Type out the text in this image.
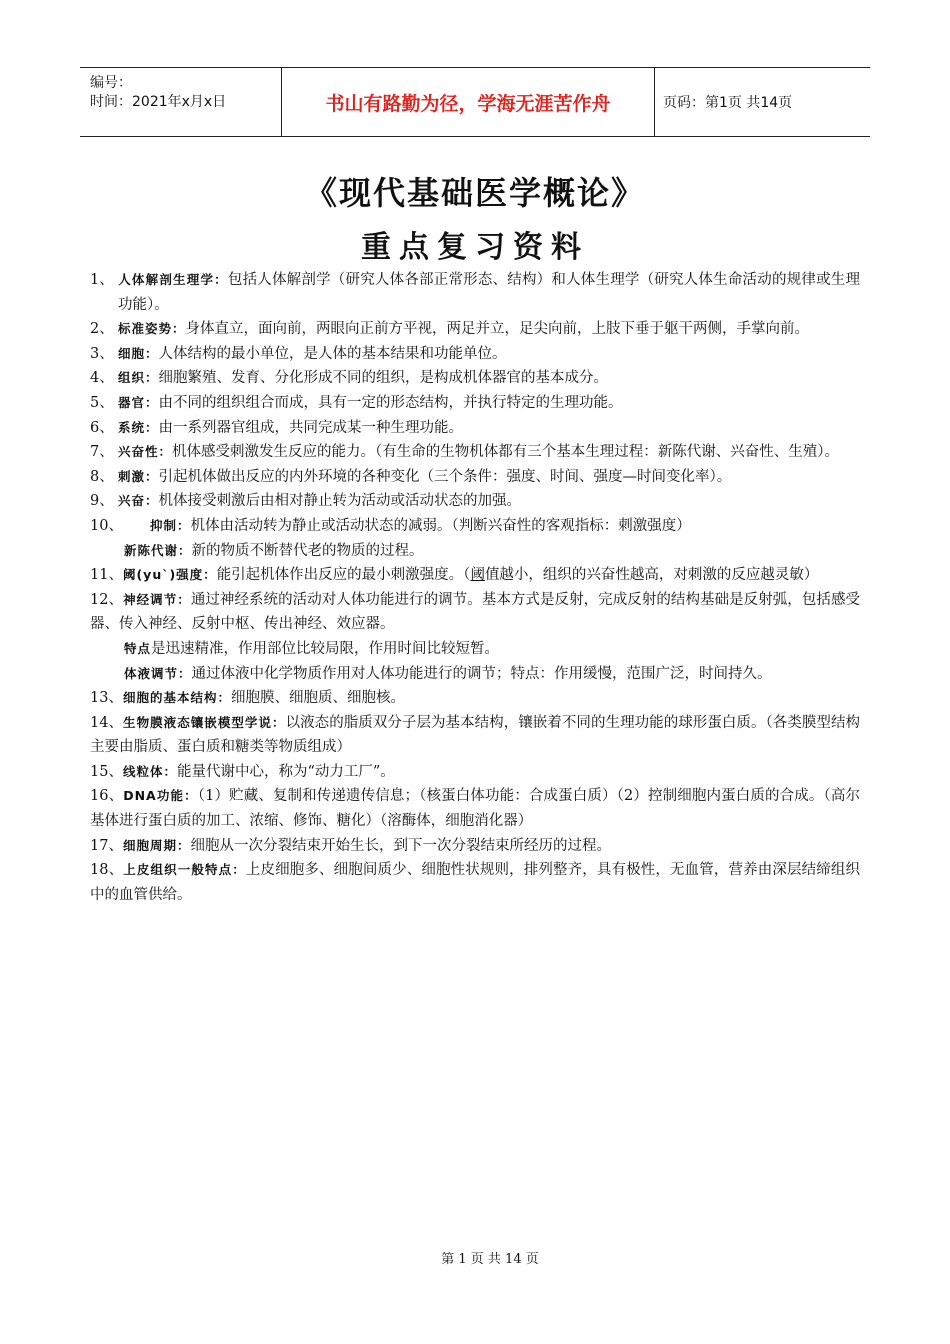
编号：
时间：2021年x月x日	书山有路勤为径，学海无涯苦作舟	页码：第1页 共14页
《现代基础医学概论》
重点复习资料
1、 人体解剖生理学：包括人体解剖学（研究人体各部正常形态、结构）和人体生理学（研究人体生命活动的规律或生理功能）。
2、 标准姿势：身体直立，面向前，两眼向正前方平视，两足并立，足尖向前，上肢下垂于躯干两侧，手掌向前。
3、 细胞：人体结构的最小单位，是人体的基本结果和功能单位。
4、 组织：细胞繁殖、发育、分化形成不同的组织，是构成机体器官的基本成分。
5、 器官：由不同的组织组合而成，具有一定的形态结构，并执行特定的生理功能。
6、 系统：由一系列器官组成，共同完成某一种生理功能。
7、 兴奋性：机体感受刺激发生反应的能力。（有生命的生物机体都有三个基本生理过程：新陈代谢、兴奋性、生殖）。
8、 刺激：引起机体做出反应的内外环境的各种变化（三个条件：强度、时间、强度—时间变化率）。
9、 兴奋：机体接受刺激后由相对静止转为活动或活动状态的加强。
10、 抑制：机体由活动转为静止或活动状态的减弱。（判断兴奋性的客观指标：刺激强度）
新陈代谢：新的物质不断替代老的物质的过程。
11、阈(yu`)强度：能引起机体作出反应的最小刺激强度。（阈值越小，组织的兴奋性越高，对刺激的反应越灵敏）
12、神经调节：通过神经系统的活动对人体功能进行的调节。基本方式是反射，完成反射的结构基础是反射弧，包括感受器、传入神经、反射中枢、传出神经、效应器。
特点是迅速精准，作用部位比较局限，作用时间比较短暂。
体液调节：通过体液中化学物质作用对人体功能进行的调节；特点：作用缓慢，范围广泛，时间持久。
13、细胞的基本结构：细胞膜、细胞质、细胞核。
14、生物膜液态镶嵌模型学说：以液态的脂质双分子层为基本结构，镶嵌着不同的生理功能的球形蛋白质。（各类膜型结构主要由脂质、蛋白质和糖类等物质组成）
15、线粒体：能量代谢中心，称为“动力工厂”。
16、DNA功能：（1）贮藏、复制和传递遗传信息；（核蛋白体功能：合成蛋白质）（2）控制细胞内蛋白质的合成。（高尔基体进行蛋白质的加工、浓缩、修饰、糖化）（溶酶体，细胞消化器）
17、细胞周期：细胞从一次分裂结束开始生长，到下一次分裂结束所经历的过程。
18、上皮组织一般特点：上皮细胞多、细胞间质少、细胞性状规则，排列整齐，具有极性，无血管，营养由深层结缔组织中的血管供给。
第 1 页 共 14 页
